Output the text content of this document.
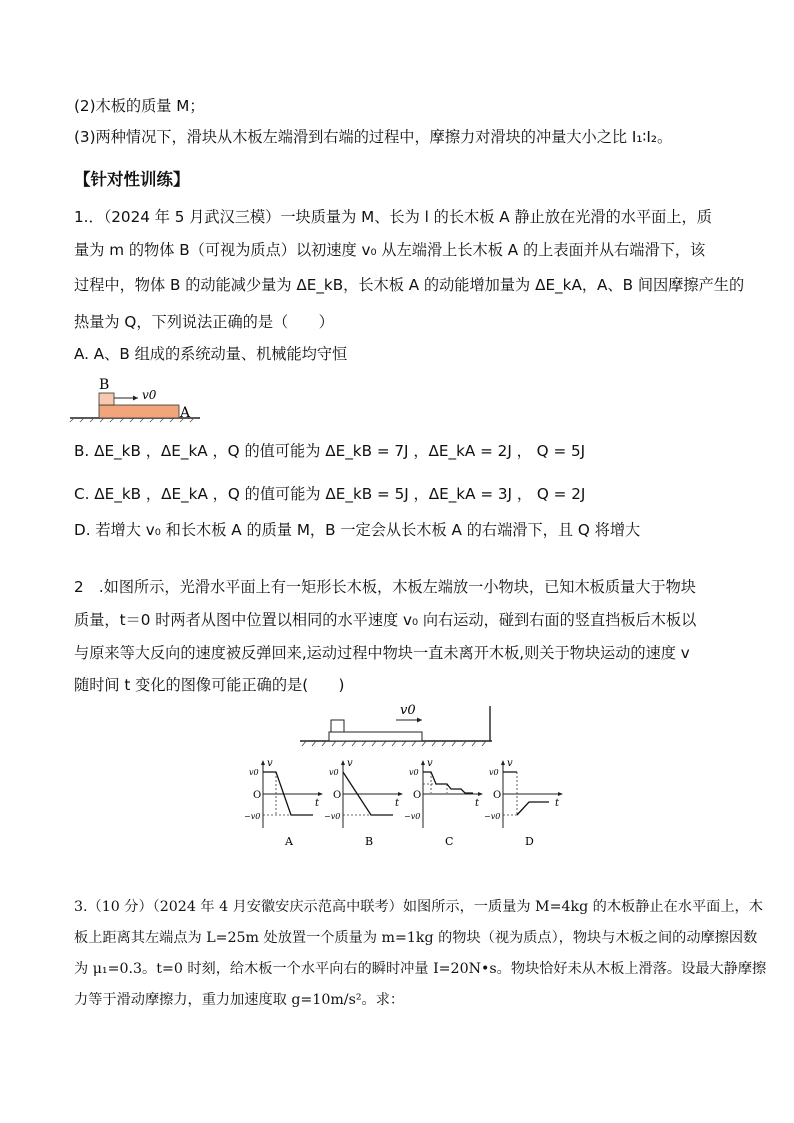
(2)木板的质量 M；
(3)两种情况下，滑块从木板左端滑到右端的过程中，摩擦力对滑块的冲量大小之比 I₁∶I₂。
【针对性训练】
1.．（2024 年 5 月武汉三模）一块质量为 M、长为 l 的长木板 A 静止放在光滑的水平面上，质
量为 m 的物体 B（可视为质点）以初速度 v₀ 从左端滑上长木板 A 的上表面并从右端滑下，该
过程中，物体 B 的动能减少量为 ΔE_kB，长木板 A 的动能增加量为 ΔE_kA，A、B 间因摩擦产生的
热量为 Q，下列说法正确的是（　　）
A. A、B 组成的系统动量、机械能均守恒
B
A
v0
B. ΔE_kB ，ΔE_kA ，Q 的值可能为 ΔE_kB = 7J ，ΔE_kA = 2J ， Q = 5J
C. ΔE_kB ，ΔE_kA ，Q 的值可能为 ΔE_kB = 5J ，ΔE_kA = 3J ， Q = 2J
D. 若增大 v₀ 和长木板 A 的质量 M，B 一定会从长木板 A 的右端滑下，且 Q 将增大
2　.如图所示，光滑水平面上有一矩形长木板，木板左端放一小物块，已知木板质量大于物块
质量，t＝0 时两者从图中位置以相同的水平速度 v₀ 向右运动，碰到右面的竖直挡板后木板以
与原来等大反向的速度被反弹回来,运动过程中物块一直未离开木板,则关于物块运动的速度 v
随时间 t 变化的图像可能正确的是(　　)
v0
v
t
O
v0
−v0
A
v
t
O
v0
−v0
B
v
t
O
v0
−v0
C
v
t
O
v0
−v0
D
3.（10 分）（2024 年 4 月安徽安庆示范高中联考）如图所示，一质量为 M=4kg 的木板静止在水平面上，木
板上距离其左端点为 L=25m 处放置一个质量为 m=1kg 的物块（视为质点），物块与木板之间的动摩擦因数
为 μ₁=0.3。t=0 时刻，给木板一个水平向右的瞬时冲量 I=20N•s。物块恰好未从木板上滑落。设最大静摩擦
力等于滑动摩擦力，重力加速度取 g=10m/s²。求：
